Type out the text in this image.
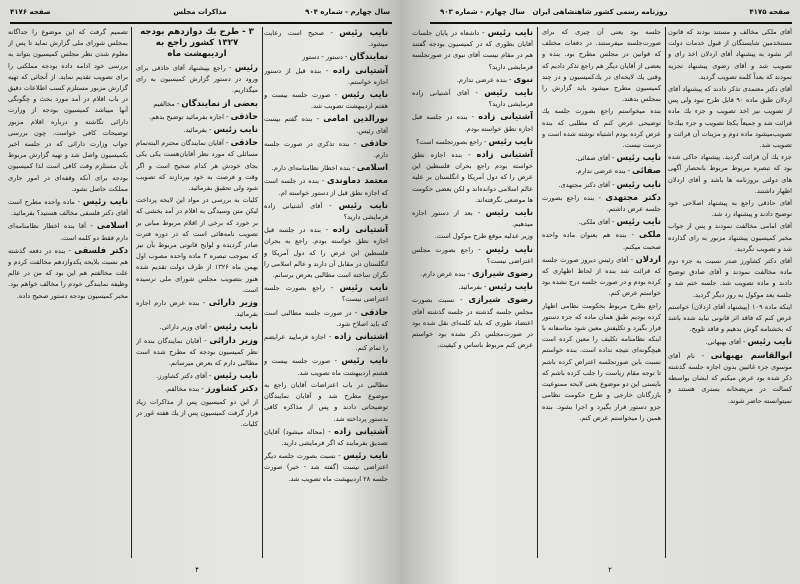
سال چهارم - شماره ۹۰۴
مذاکرات مجلس
صفحه ۴۱۷۶

نایب رئیس - صحیح است رعایت میشود.

نمایندگان - دستور - دستور

آشتیانی زاده - بنده قبل از دستور اجازه خواستم.

نایب رئیس - صورت جلسه بیست و هفتم اردیبهشت تصویب شد.

نورالدین امامی - بنده گفتم بیست آقای رئیس.

حاذقی - بنده تذکری در صورت جلسه دارم.

اسلامی - بنده اخطار نظامنامه‌ای دارم.

معتمد دماوندی - بنده در جلسه است که اجازه نطق قبل از دستور خواسته ام.

نایب رئیس - آقای آشتیانی زاده فرمایشی دارید؟

آشتیانی زاده - بنده در جلسه قبل اجازه نطق خواسته بودم. راجع به بحران فلسطین این عرض را که دول آمریکا و انگلستان در مقابل آن دارند و عالم اسلامی را نگران ساخته است مطالبی بعرض برسانم.

نایب رئیس - راجع بصورت جلسه اعتراضی نیست؟

حاذقی - در صورت جلسه مطالبی است که باید اصلاح شود.

اشتیانی زاده - اجازه فرمایید عرایضم را تمام کنم.

نایب رئیس - صورت جلسه بیست و هشتم اردیبهشت ماه تصویب شد.

مطالبی در باب اعتراضات آقایان راجع به موضوع مطرح شد و آقایان نمایندگان توضیحاتی دادند و پس از مذاکره کافی بدستور پرداخته شد.

آشتیانی زاده - (محاله میشود) آقایان تصدیق بفرمایند که اگر فرمایشی دارید.

نایب رئیس - نسبت بصورت جلسه دیگر اعتراضی نیست (گفته شد - خیر) صورت جلسه ۲۸ اردیبهشت ماه تصویب شد.

۳ - طرح یك دوازدهم بودجه ۱۳۲۷ کشور راجع به اردیبهشت ماه

رئیس - راجع بپیشنهاد آقای حاذقی برای ورود در دستور گزارش کمیسیون به رای میگذاریم.

بعضی از نمایندگان - مخالفیم

حاذقی - اجازه بفرمائید توضیح بدهم.

نایب رئیس - بفرمائید.

حاذقی - آقایان نمایندگان محترم البته‌تمام مسائلی که مورد نظر آقایان‌هست یکی یکی بجای خودش هر کدام صحیح است و اگر وقت و فرصت به خود بپردازند که تصویب شود ولی تحقیق بفرمائید.

کلیات به بررسی در مواد این لایحه پرداخت لیکن متن وسیدگی به اقلام در آمد بخشی که بر خورد که برخی از اقلام مربوط مبانی بر تصویب نامه‌هائی است که در دوره فترت صادر گردیده و لوایح قانونی مربوط بآن نیز که بموجب تبصره ۳ ماده واحده مصوب اول بهمن ماه ۱۳۲۶ از طرف دولت تقدیم شده هنوز بتصویب مجلس شورای ملی نرسیده است.

وزیر دارائی - بنده عرض دارم اجازه بفرمائید.

نایب رئیس - آقای وزیر دارائی.

وزیر دارائی - آقایان نمایندگان بنده از نظر کمیسیون بودجه که مطرح شده است مطالبی دارم که بعرض میرسانم.

نایب رئیس - آقای دکتر کشاورز.

دکتر کشاورز - بنده مخالفم.

از این دو کمیسیون پس از مذاکرات زیاد قرار گرفت کمیسیون پس از یك هفته غور در کلیات.

تصمیم گرفت که این موضوع را جداگانه بمجلس شورای ملی گزارش نماید تا پس از معلوم شدن نظر مجلس کمیسیون بتواند به بررسی خود ادامه داده بودجه مملکتی را برای تصویب تقدیم نماید. از آنجائی که تهیه گزارش مزبور مستلزم کسب اطلاعات دقیق در باب اقلام در آمد مورد بحث و چگونگی آنها میباشد کمیسیون بودجه از وزارت دارائی نگاشته و درباره اقلام مزبور توضیحات کافی خواست. چون بررسی جواب وزارت دارائی که در جلسه اخیر بکمیسیون واصل شد و تهیه گزارش مربوط بآن مستلزم وقت کافی است لذا کمیسیون بودجه برای آنکه وقفه‌ای در امور جاری مملکت حاصل نشود.

نایب رئیس - ماده واحده مطرح است آقای دکتر فلسفی مخالف هستید؟ بفرمائید.

اسلامی - آقا بنده اخطار نظامنامه‌ای دارم فقط دو کلمه است.

دکتر فلسفی - بنده در دفعه گذشته هم نسبت بلایحه یکدوازدهم مخالفت کردم و علت مخالفتم هم این بود که من در عالم وظیفه نمایندگی خودم را مخالف خواهم بود. مخبر کمیسیون بودجه دستور صحیح داده.

۴
صفحه ۴۱۷۵
روزنامه رسمی کشور شاهنشاهی ایران
سال چهارم - شماره ۹۰۳

آقای ملکی مخالف و مستند بودند که قانون مستخدمین شایستگان از قبول خدمات دولت اثر نشود به پیشنهاد آقای اردلان اخذ رای و تصویب شد و آقای رضوی پیشنهاد تجزیه نمودند که بعداً کلمه تصویب گردید.

آقای دکتر معتمدی تذکر دادند که پیشنهاد آقای اردلان طبق ماده ۹۰ قابل طرح نبود ولی پس از تصویب نیز اخذ تصویب و جزء یك ماده قرائت شد و جمیعاً یکجا تصویب و جزء بیك‌جا تصویب‌میشود ماده دوم و مزینات آن قرائت و تصویب شد.

جزء یك آن قرائت گردید. پیشنهاد حاکی شده بود که تبصره مربوط مربوط بانحصار آگهی های دولتی بروزنامه ها باشد و آقای اردلان اظهار داشتند.

آقای حاذقی راجع به پیشنهاد اصلاحی خود توضیح دادند و پیشنهاد رد شد.

آقای امامی مخالفت نمودند و پس از جواب مخبر کمیسیون پیشنهاد مزبور به رای گذارده شد و تصویب نگردید.

آقای دکتر کشاورز صدر نسبت به جزء دوم ماده مخالفت نمودند و آقای صادق توضیح دادند و ماده تصویب شد. جلسه ختم شد و جلسه بعد موکول به روز دیگر گردید.

اینکه ماده ۱۰۹ (پیشنهاد آقای اردلان) خواستم عرض کنم که فاقد اثر قانونی نباید شده باشد که بخشنامه گوش بدهیم و فاقد تلویح.

نایب رئیس - آقای بهبهانی.

ابوالقاسم بهبهانی - نام آقای موسوی جزء غائبین بدون اجازه جلسه گذشته ذکر شده بود عرض میکنم که ایشان بواسطه کسالت در مریضخانه بستری هستند و نمیتوانسته حاضر شوند.

جلسه بود یعنی آن چیزی که برای صورت‌جلسه میفرستند. در دفعات مختلف که قوانین در مجلس مطرح بود. بنده و بعضی از آقایان دیگر هم راجع تذکر دادیم که وقتی یك لایحه‌ای در یك‌کمیسیون و در چند کمیسیون مطرح میشود باید گزارش را بمجلس بدهند.

بنده میخواستم راجع بصورت جلسه یك توضیحی عرض کنم که مطلبی که بنده عرض کرده بودم اشتباه نوشته شده است و درست نیست.

نایب رئیس - آقای صفائی.

صفائی - بنده عرضی ندارم.

نایب رئیس - آقای دکتر مجتهدی.

دکتر مجتهدی - بنده راجع بصورت جلسه عرض داشتم.

نایب رئیس - آقای ملکی.

ملکی - بنده هم بعنوان ماده واحده صحبت میکنم.

اردلان - آقای رئیس دیروز صورت جلسه که قرائت شد بنده از لحاظ اظهاری که کرده بودم و در صورت جلسه درج نشده بود خواستم عرض کنم.

راجع بطرح مربوط بحکومت نظامی اظهار کرده بودیم طبق همان ماده که جزء دستور قرار بگیرد و تکلیفش معین شود متاسفانه با اینکه نظامنامه تکلیف را معین کرده است هیچگونه‌ای نتیجه نداده است. بنده خواستم نسبت باین صورتجلسه اعتراض کرده باشم تا توجه مقام ریاست را جلب کرده باشم که بایستی این دو موضوع یعنی لایحه ممنوعیت بازرگانان خارجی و طرح حکومت نظامی جزو دستور قرار بگیرد و اجرا بشود. بنده همین را میخواستم عرض کنم.

نایب رئیس - داشعاه در پایان جلسات آقایان بطوری‌ که در کمیسیون بودجه گفتند هم در مقام نیست آقای نبوی در صورتجلسه فرمایشی دارید؟

نبوی - بنده عرضی ندارم.

نایب رئیس - آقای آشتیانی زاده فرمایشی دارید؟

آشتیانی زاده - بنده در جلسه قبل اجازه نطق خواسته بودم.

نایب رئیس - راجع بصورتجلسه است؟

آشتیانی زاده - بنده اجازه نطق خواسته بودم راجع بحران فلسطین این عرض را که دول آمریکا و انگلستان بر علیه عالم اسلامی دوانده‌اند و لکن بعضی حکومت ها موضعی نگرفته‌اند.

نایب رئیس - بعد از دستور اجازه میدهیم.

وزیر عدلیه موقع طرح موکول است.

نایب رئیس - راجع بصورت مجلس اعتراضی نیست؟

رضوی شیرازی - بنده عرض دارم.

نایب رئیس - بفرمائید.

رضوی شیرازی - نسبت بصورت مجلس جلسه گذشته در جلسه گذشته آقای اعتضاد طوری که باید کلمه‌ای نقل شده بود در صورت‌مجلس ذکر نشده بود خواستم عرض کنم مربوط باساس و کیفیت.

۲
